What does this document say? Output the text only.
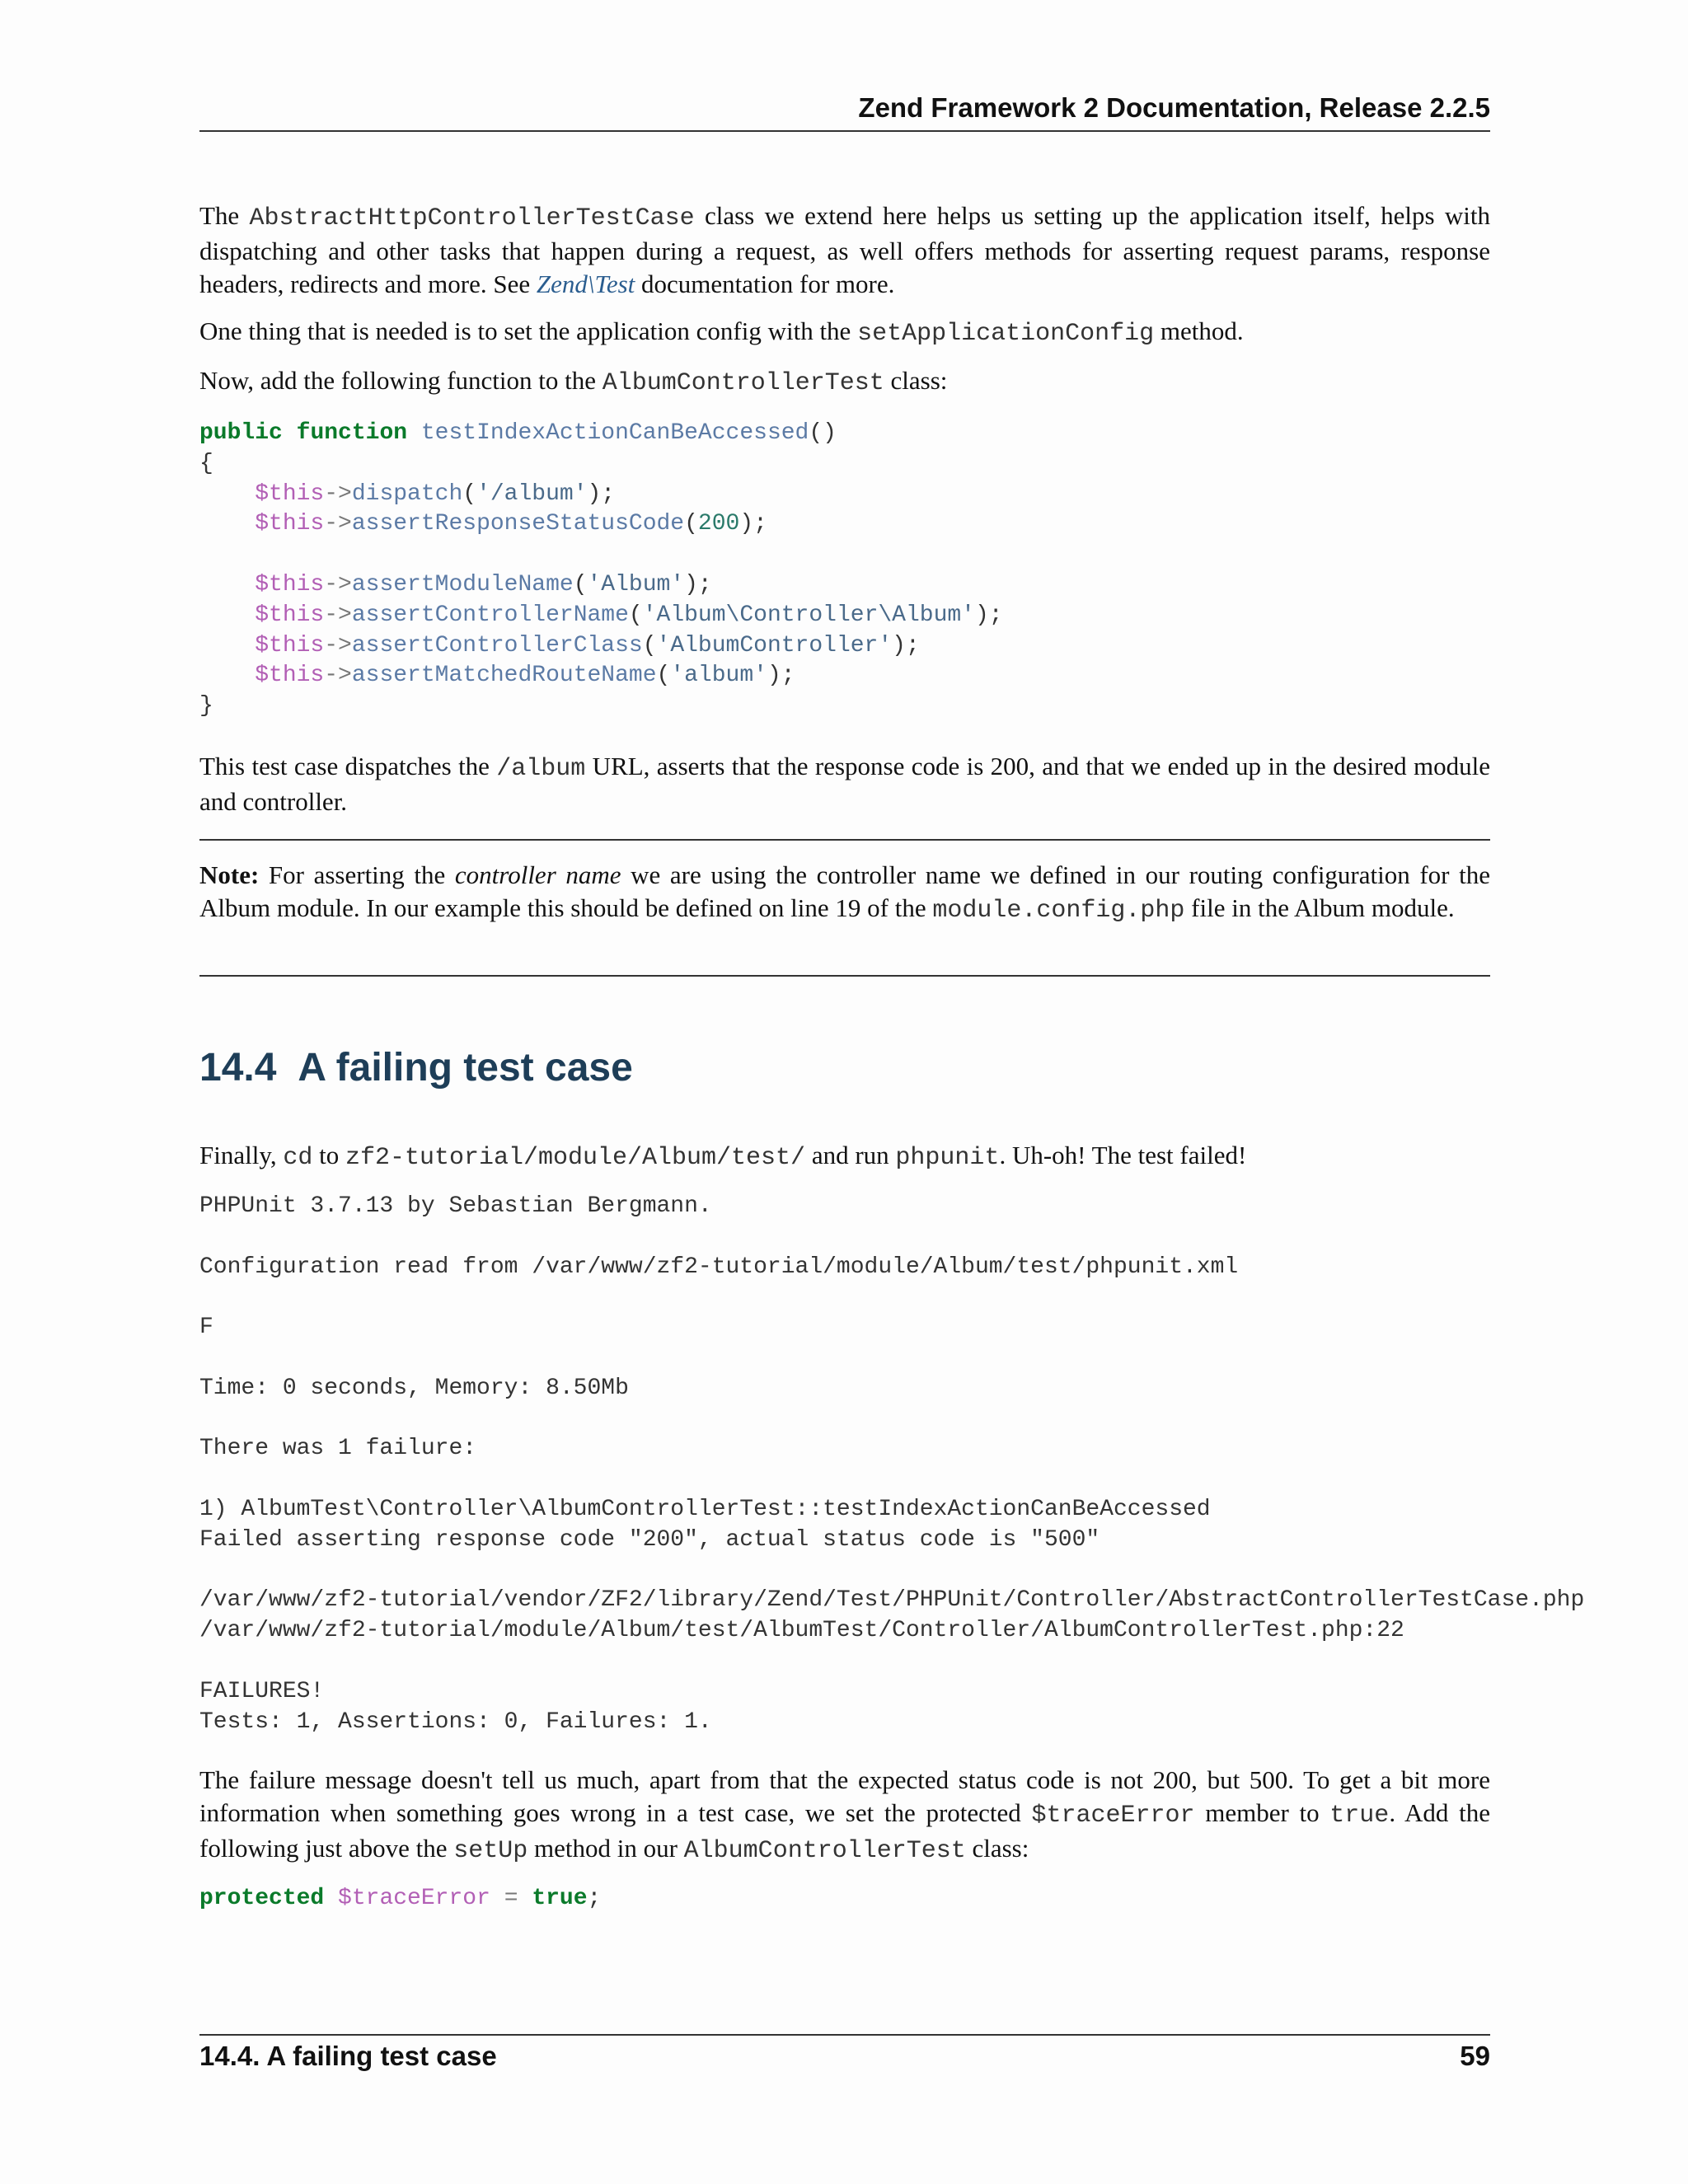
Zend Framework 2 Documentation, Release 2.2.5

The AbstractHttpControllerTestCase class we extend here helps us setting up the application itself, helps with dispatching and other tasks that happen during a request, as well offers methods for asserting request params, response headers, redirects and more. See Zend\Test documentation for more.

One thing that is needed is to set the application config with the setApplicationConfig method.

Now, add the following function to the AlbumControllerTest class:

public function testIndexActionCanBeAccessed()
{
$this->dispatch('/album');
$this->assertResponseStatusCode(200);

$this->assertModuleName('Album');
$this->assertControllerName('Album\Controller\Album');
$this->assertControllerClass('AlbumController');
$this->assertMatchedRouteName('album');
}

This test case dispatches the /album URL, asserts that the response code is 200, and that we ended up in the desired module and controller.

Note: For asserting the controller name we are using the controller name we defined in our routing configuration for the Album module. In our example this should be defined on line 19 of the module.config.php file in the Album module.

14.4 A failing test case

Finally, cd to zf2-tutorial/module/Album/test/ and run phpunit. Uh-oh! The test failed!

PHPUnit 3.7.13 by Sebastian Bergmann.

Configuration read from /var/www/zf2-tutorial/module/Album/test/phpunit.xml

F

Time: 0 seconds, Memory: 8.50Mb

There was 1 failure:

1) AlbumTest\Controller\AlbumControllerTest::testIndexActionCanBeAccessed
Failed asserting response code "200", actual status code is "500"

/var/www/zf2-tutorial/vendor/ZF2/library/Zend/Test/PHPUnit/Controller/AbstractControllerTestCase.php
/var/www/zf2-tutorial/module/Album/test/AlbumTest/Controller/AlbumControllerTest.php:22

FAILURES!
Tests: 1, Assertions: 0, Failures: 1.

The failure message doesn't tell us much, apart from that the expected status code is not 200, but 500. To get a bit more information when something goes wrong in a test case, we set the protected $traceError member to true. Add the following just above the setUp method in our AlbumControllerTest class:

protected $traceError = true;
14.4. A failing test case	59
